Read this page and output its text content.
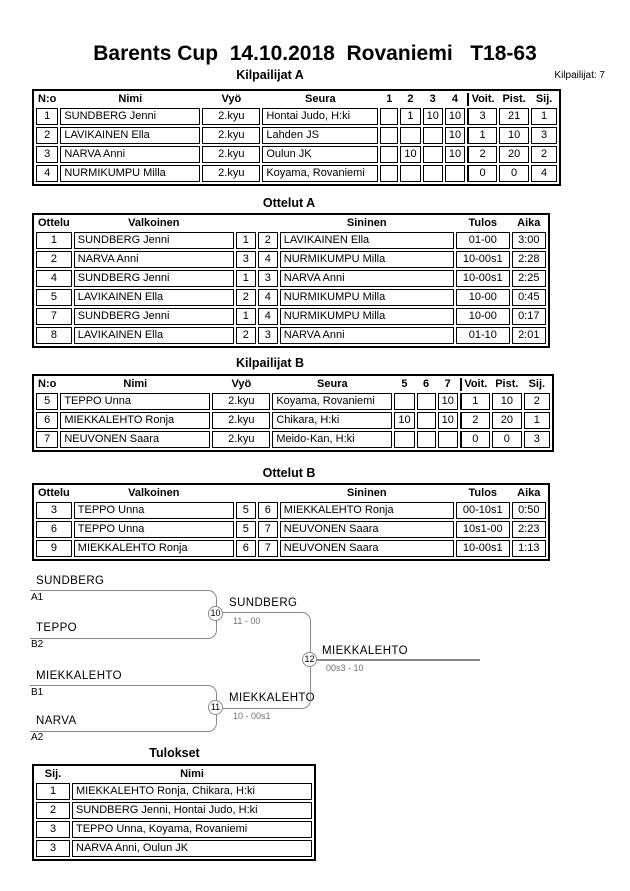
Barents Cup  14.10.2018  Rovaniemi   T18-63
Kilpailijat A	Kilpailijat: 7
N:o	Nimi	Vyö	Seura	1	2	3	4	Voit.	Pist.	Sij.
1	SUNDBERG Jenni	2.kyu	Hontai Judo, H:ki		1	10	10	3	21	1
2	LAVIKAINEN Ella	2.kyu	Lahden JS				10	1	10	3
3	NARVA Anni	2.kyu	Oulun JK		10		10	2	20	2
4	NURMIKUMPU Milla	2.kyu	Koyama, Rovaniemi					0	0	4
Ottelut A
Ottelu	Valkoinen			Sininen	Tulos	Aika
1	SUNDBERG Jenni	1	2	LAVIKAINEN Ella	01-00	3:00
2	NARVA Anni	3	4	NURMIKUMPU Milla	10-00s1	2:28
4	SUNDBERG Jenni	1	3	NARVA Anni	10-00s1	2:25
5	LAVIKAINEN Ella	2	4	NURMIKUMPU Milla	10-00	0:45
7	SUNDBERG Jenni	1	4	NURMIKUMPU Milla	10-00	0:17
8	LAVIKAINEN Ella	2	3	NARVA Anni	01-10	2:01
Kilpailijat B
N:o	Nimi	Vyö	Seura	5	6	7	Voit.	Pist.	Sij.
5	TEPPO Unna	2.kyu	Koyama, Rovaniemi			10	1	10	2
6	MIEKKALEHTO Ronja	2.kyu	Chikara, H:ki	10		10	2	20	1
7	NEUVONEN Saara	2.kyu	Meido-Kan, H:ki				0	0	3
Ottelut B
Ottelu	Valkoinen			Sininen	Tulos	Aika
3	TEPPO Unna	5	6	MIEKKALEHTO Ronja	00-10s1	0:50
6	TEPPO Unna	5	7	NEUVONEN Saara	10s1-00	2:23
9	MIEKKALEHTO Ronja	6	7	NEUVONEN Saara	10-00s1	1:13
SUNDBERG
A1
TEPPO
B2
10
SUNDBERG
11 - 00
MIEKKALEHTO
B1
NARVA
A2
11
MIEKKALEHTO
10 - 00s1
12
MIEKKALEHTO
00s3 - 10
Tulokset
Sij.	Nimi
1	MIEKKALEHTO Ronja, Chikara, H:ki
2	SUNDBERG Jenni, Hontai Judo, H:ki
3	TEPPO Unna, Koyama, Rovaniemi
3	NARVA Anni, Oulun JK
